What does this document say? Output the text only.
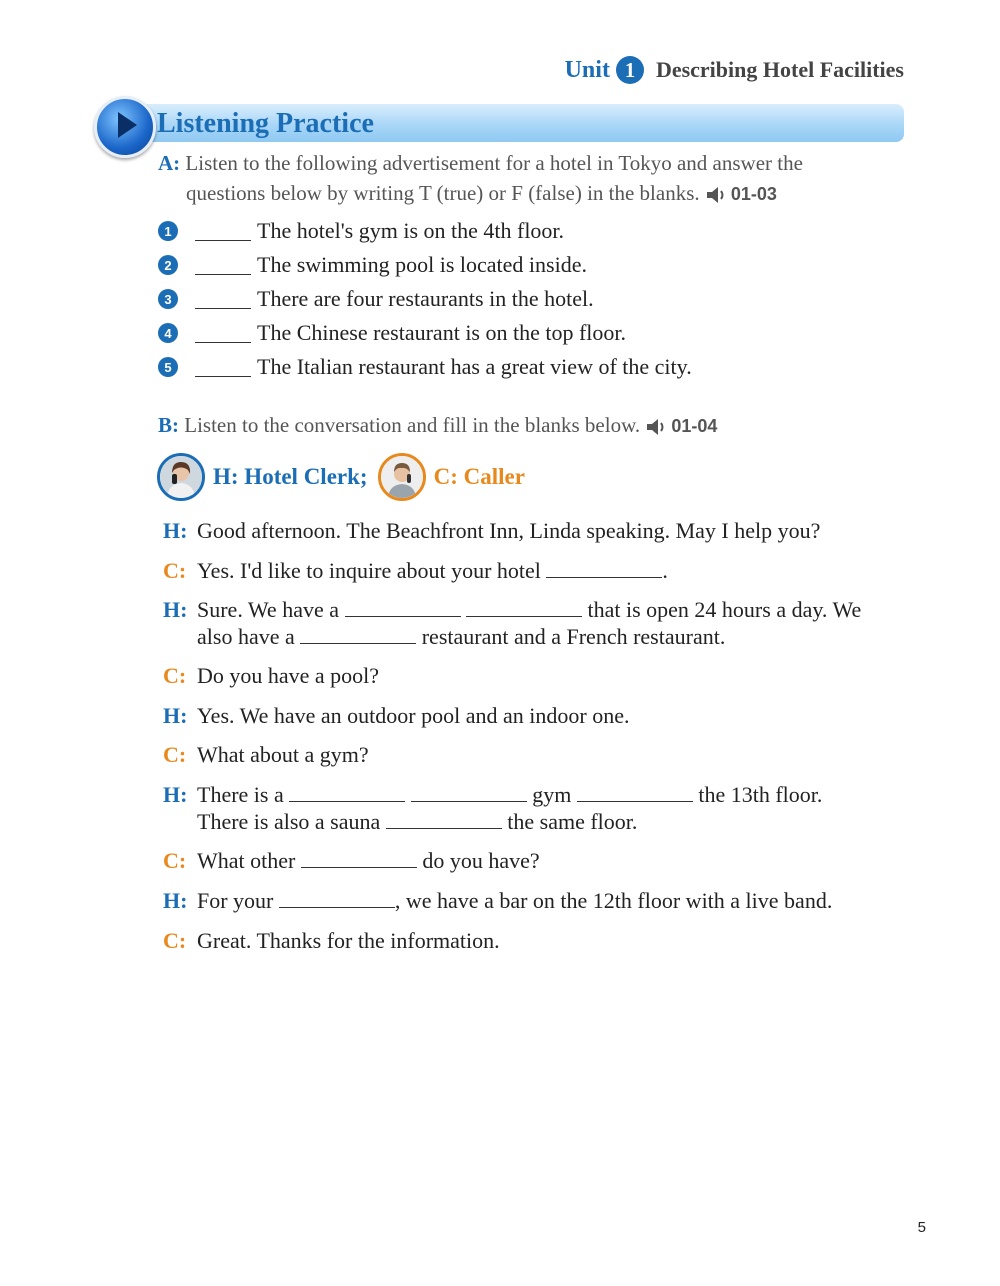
Unit 1 Describing Hotel Facilities
Listening Practice
A: Listen to the following advertisement for a hotel in Tokyo and answer the
questions below by writing T (true) or F (false) in the blanks. 01-03
1	The hotel's gym is on the 4th floor.
2	The swimming pool is located inside.
3	There are four restaurants in the hotel.
4	The Chinese restaurant is on the top floor.
5	The Italian restaurant has a great view of the city.
B: Listen to the conversation and fill in the blanks below. 01-04
H: Hotel Clerk;	C: Caller
H: Good afternoon. The Beachfront Inn, Linda speaking. May I help you?
C: Yes. I'd like to inquire about your hotel	.
H: Sure. We have a	that is open 24 hours a day. We
also have a	restaurant and a French restaurant.
C: Do you have a pool?
H: Yes. We have an outdoor pool and an indoor one.
C: What about a gym?
H: There is a	gym	the 13th floor.
There is also a sauna	the same floor.
C: What other	do you have?
H: For your	, we have a bar on the 12th floor with a live band.
C: Great. Thanks for the information.
5
